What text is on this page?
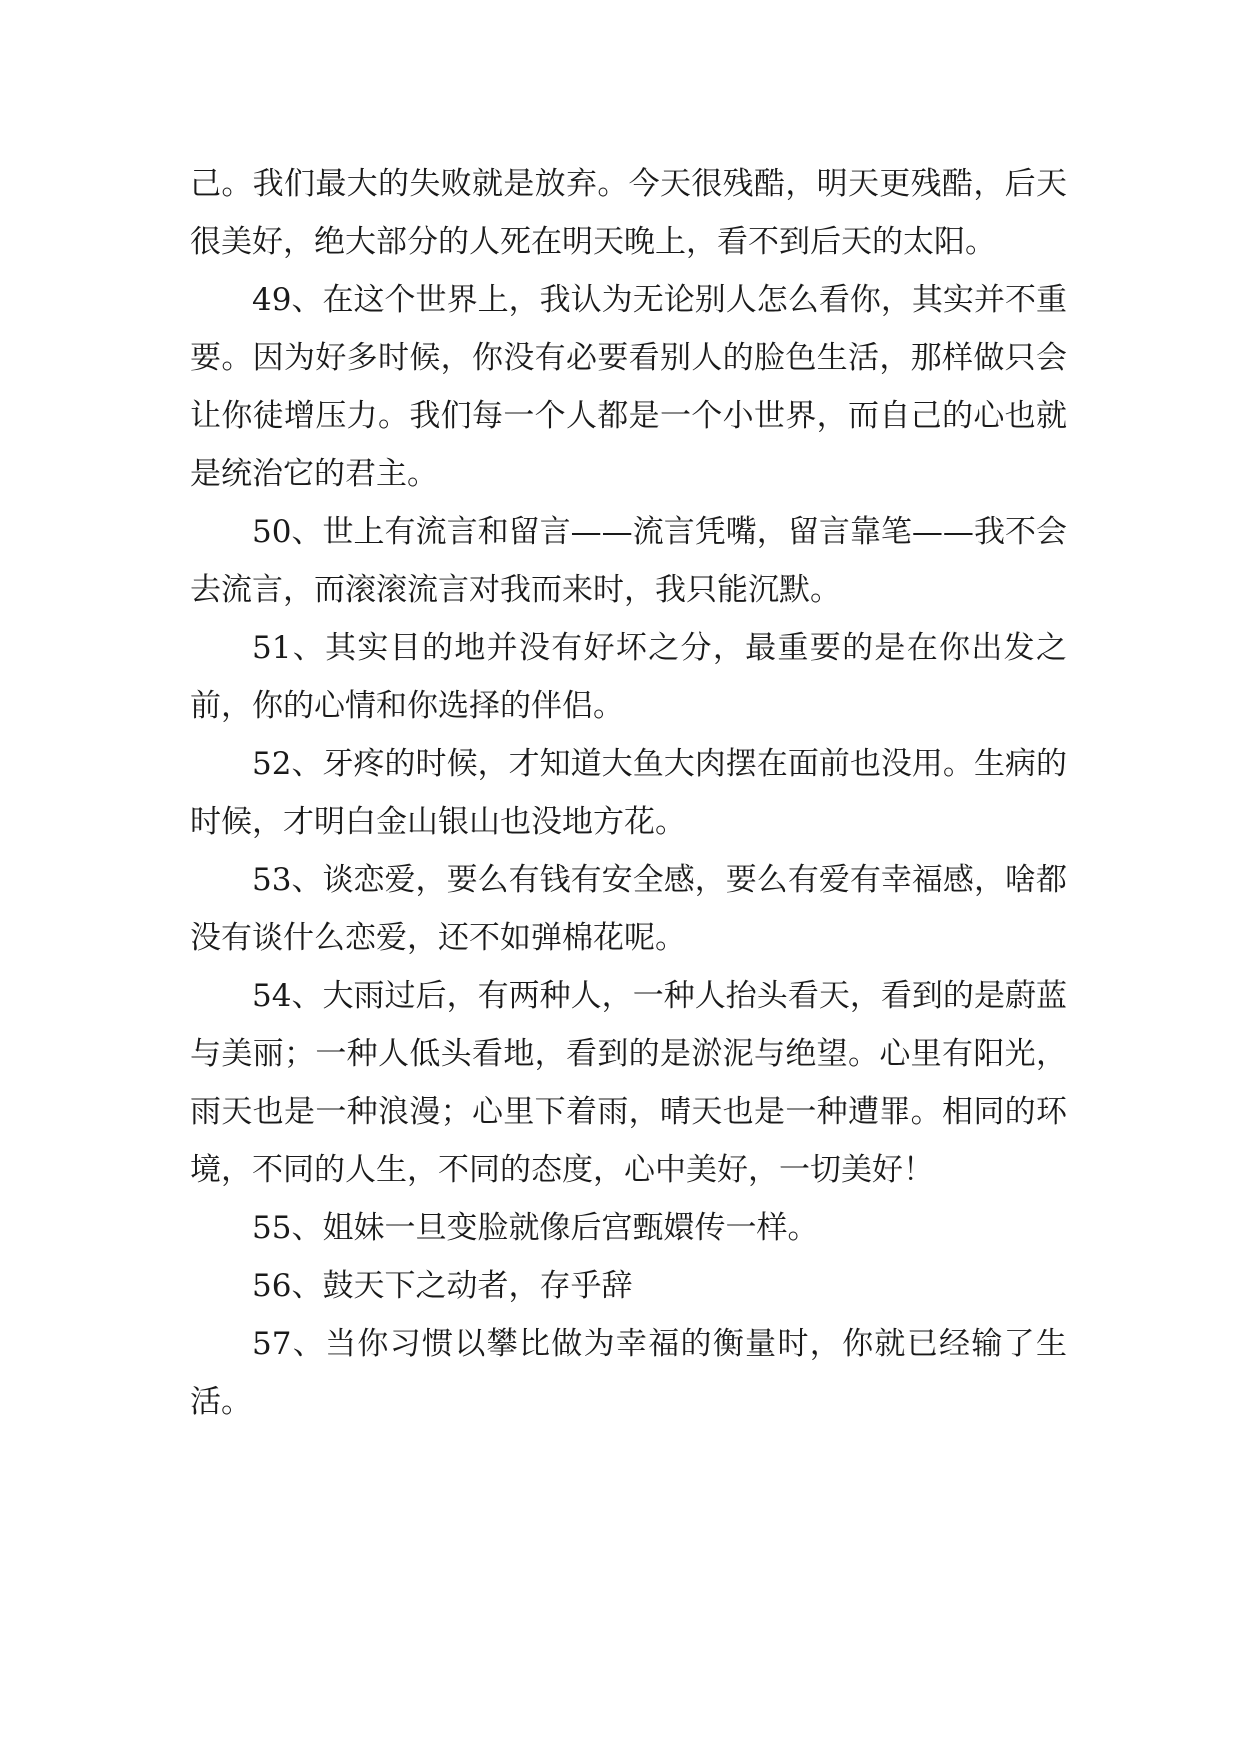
己。我们最大的失败就是放弃。今天很残酷，明天更残酷，后天很美好，绝大部分的人死在明天晚上，看不到后天的太阳。

49、在这个世界上，我认为无论别人怎么看你，其实并不重要。因为好多时候，你没有必要看别人的脸色生活，那样做只会让你徒增压力。我们每一个人都是一个小世界，而自己的心也就是统治它的君主。

50、世上有流言和留言——流言凭嘴，留言靠笔——我不会去流言，而滚滚流言对我而来时，我只能沉默。

51、其实目的地并没有好坏之分，最重要的是在你出发之前，你的心情和你选择的伴侣。

52、牙疼的时候，才知道大鱼大肉摆在面前也没用。生病的时候，才明白金山银山也没地方花。

53、谈恋爱，要么有钱有安全感，要么有爱有幸福感，啥都没有谈什么恋爱，还不如弹棉花呢。

54、大雨过后，有两种人，一种人抬头看天，看到的是蔚蓝与美丽；一种人低头看地，看到的是淤泥与绝望。心里有阳光，雨天也是一种浪漫；心里下着雨，晴天也是一种遭罪。相同的环境，不同的人生，不同的态度，心中美好，一切美好！

55、姐妹一旦变脸就像后宫甄嬛传一样。

56、鼓天下之动者，存乎辞

57、当你习惯以攀比做为幸福的衡量时，你就已经输了生活。
